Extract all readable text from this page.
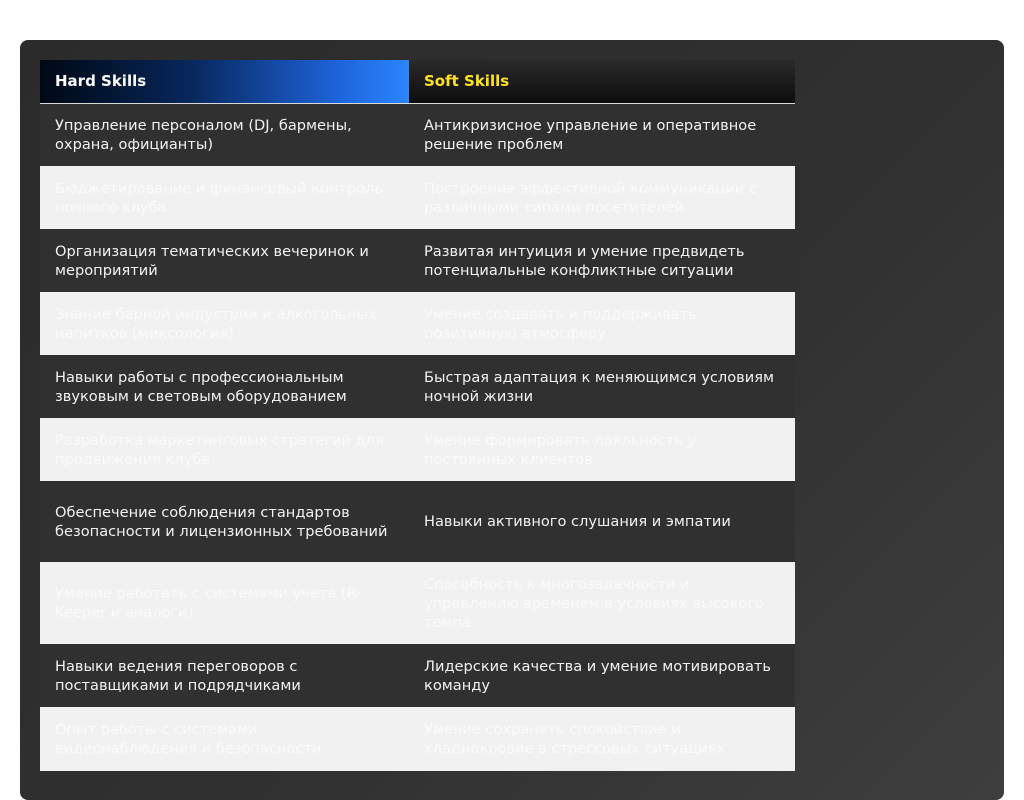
Hard Skills	Soft Skills
Управление персоналом (DJ, бармены, охрана, официанты)	Антикризисное управление и оперативное решение проблем
Бюджетирование и финансовый контроль ночного клуба	Построение эффективной коммуникации с различными типами посетителей
Организация тематических вечеринок и мероприятий	Развитая интуиция и умение предвидеть потенциальные конфликтные ситуации
Знание барной индустрии и алкогольных напитков (миксология)	Умение создавать и поддерживать позитивную атмосферу
Навыки работы с профессиональным звуковым и световым оборудованием	Быстрая адаптация к меняющимся условиям ночной жизни
Разработка маркетинговых стратегий для продвижения клуба	Умение формировать лояльность у постоянных клиентов
Обеспечение соблюдения стандартов безопасности и лицензионных требований	Навыки активного слушания и эмпатии
Умение работать с системами учета (R-Keeper и аналоги)	Способность к многозадачности и управлению временем в условиях высокого темпа
Навыки ведения переговоров с поставщиками и подрядчиками	Лидерские качества и умение мотивировать команду
Опыт работы с системами видеонаблюдения и безопасности	Умение сохранять спокойствие и хладнокровие в стрессовых ситуациях
